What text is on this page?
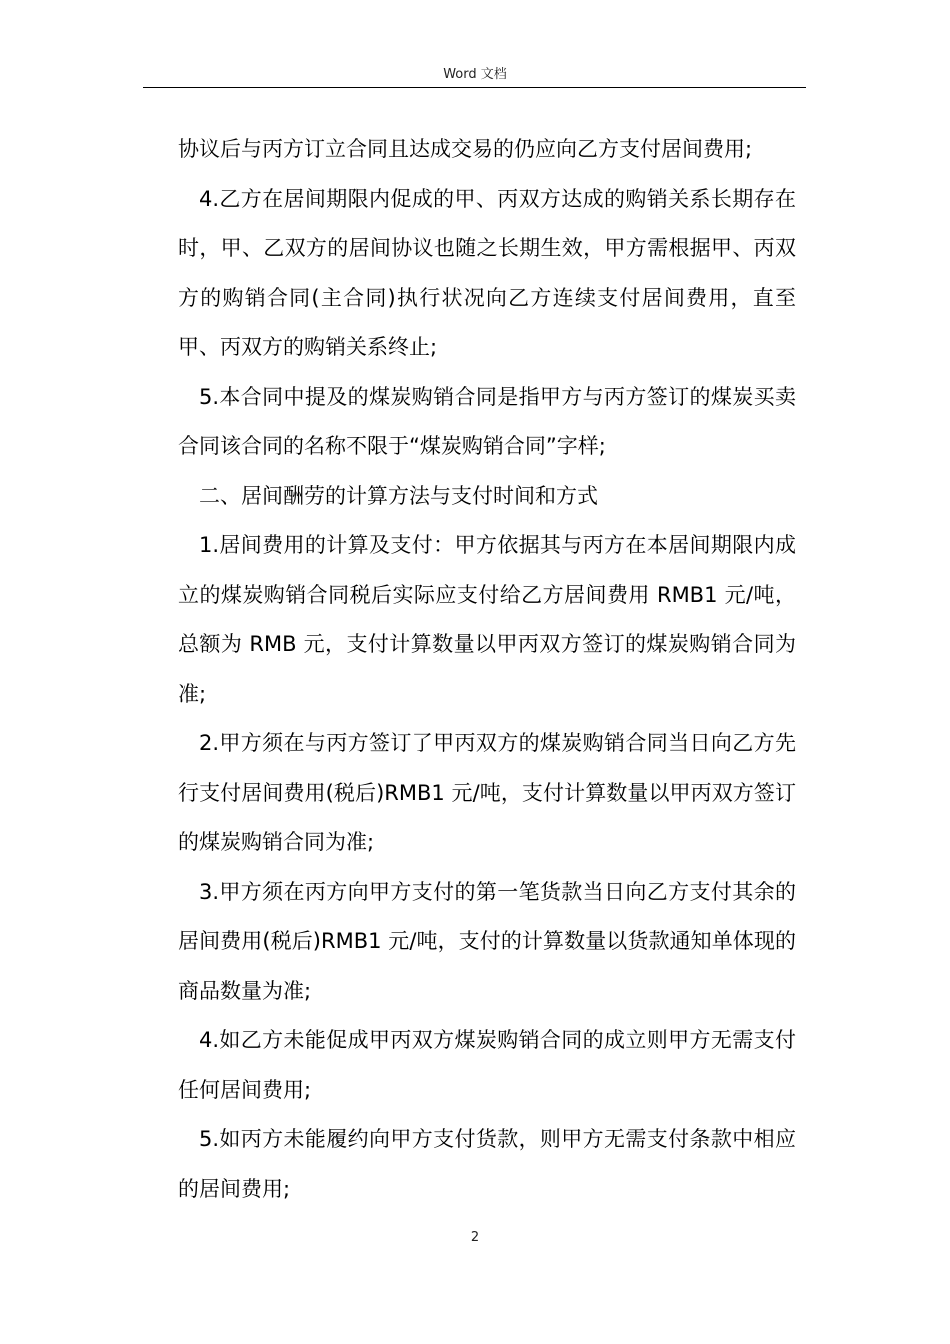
Word 文档

协议后与丙方订立合同且达成交易的仍应向乙方支付居间费用;

4.乙方在居间期限内促成的甲、丙双方达成的购销关系长期存在时，甲、乙双方的居间协议也随之长期生效，甲方需根据甲、丙双方的购销合同(主合同)执行状况向乙方连续支付居间费用，直至甲、丙双方的购销关系终止;

5.本合同中提及的煤炭购销合同是指甲方与丙方签订的煤炭买卖合同该合同的名称不限于“煤炭购销合同”字样;

二、居间酬劳的计算方法与支付时间和方式

1.居间费用的计算及支付：甲方依据其与丙方在本居间期限内成立的煤炭购销合同税后实际应支付给乙方居间费用 RMB1 元/吨，总额为 RMB 元，支付计算数量以甲丙双方签订的煤炭购销合同为准;

2.甲方须在与丙方签订了甲丙双方的煤炭购销合同当日向乙方先行支付居间费用(税后)RMB1 元/吨，支付计算数量以甲丙双方签订的煤炭购销合同为准;

3.甲方须在丙方向甲方支付的第一笔货款当日向乙方支付其余的居间费用(税后)RMB1 元/吨，支付的计算数量以货款通知单体现的商品数量为准;

4.如乙方未能促成甲丙双方煤炭购销合同的成立则甲方无需支付任何居间费用;

5.如丙方未能履约向甲方支付货款，则甲方无需支付条款中相应的居间费用;

2
